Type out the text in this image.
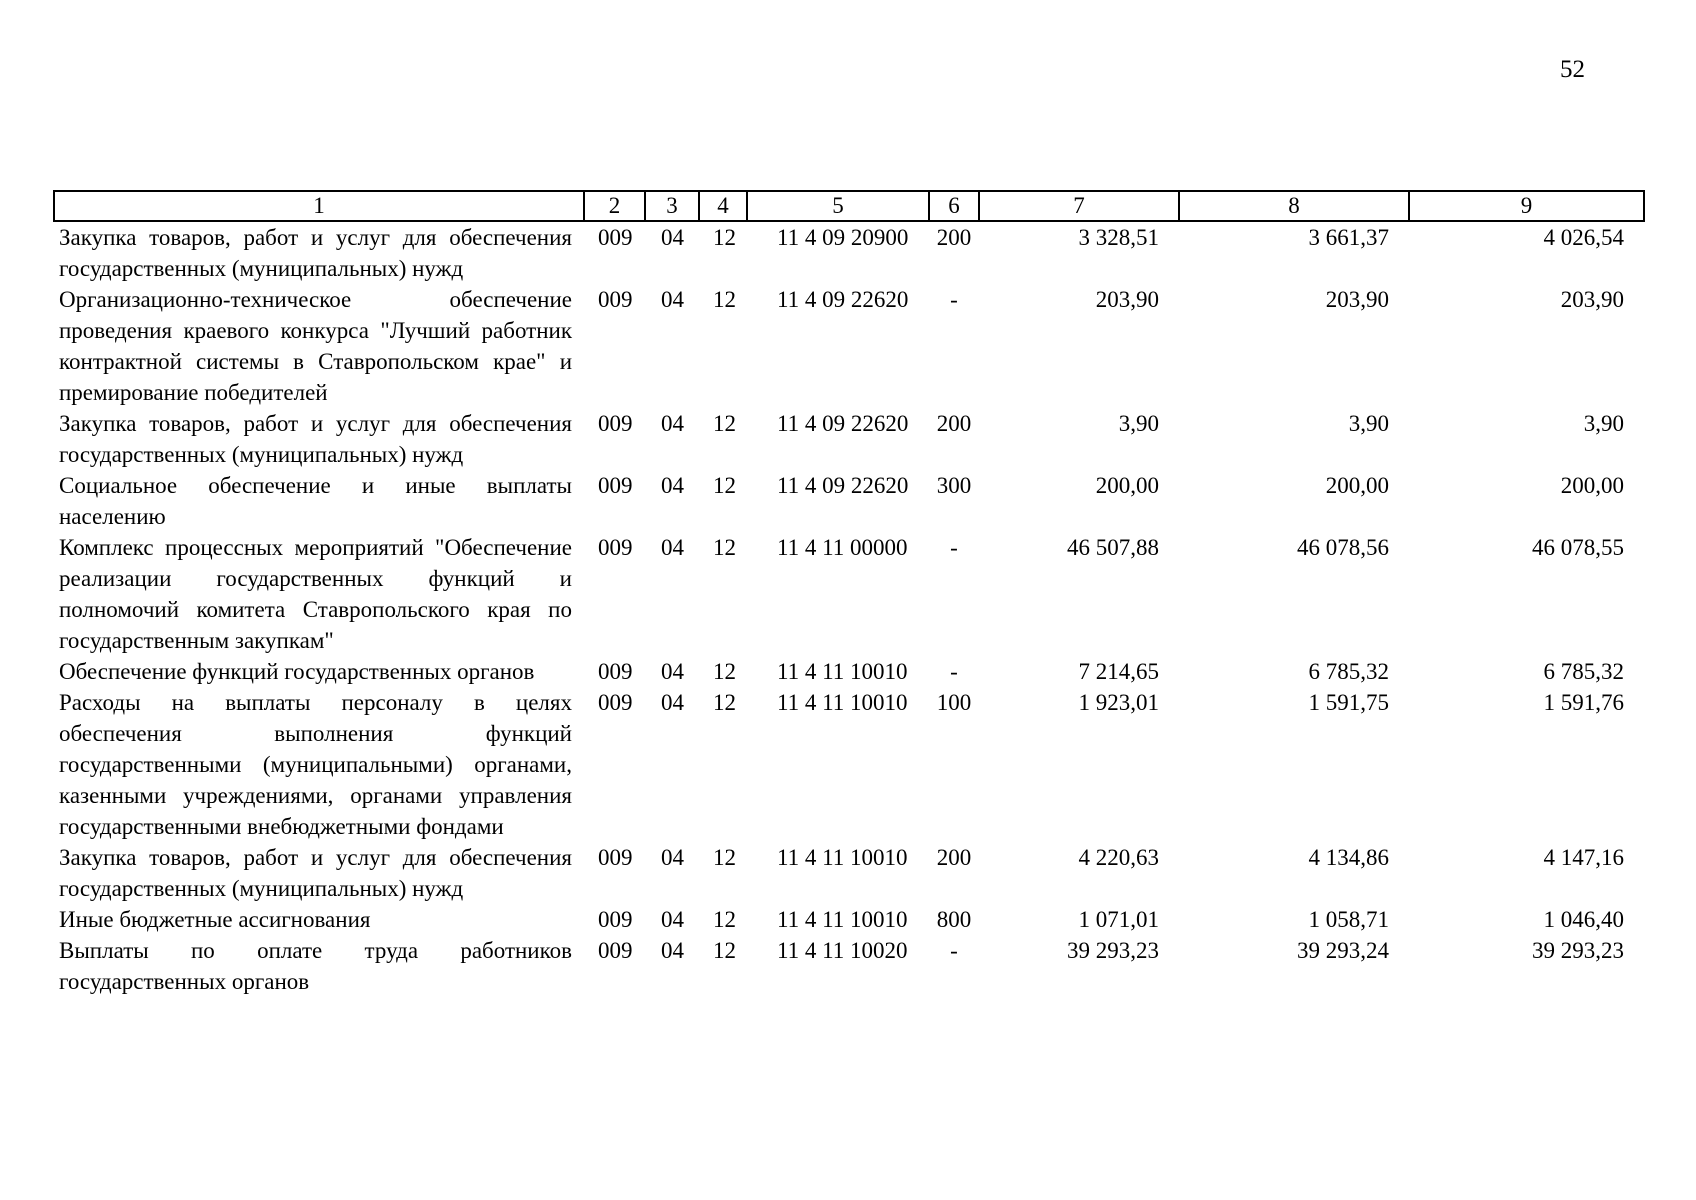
52
1	2	3	4	5	6	7	8	9
Закупка товаров, работ и услуг для обеспечения государственных (муниципальных) нужд	009	04	12	11 4 09 20900	200	3 328,51	3 661,37	4 026,54
Организационно-техническое обеспечение проведения краевого конкурса "Лучший работник контрактной системы в Ставропольском крае" и премирование победителей	009	04	12	11 4 09 22620	-	203,90	203,90	203,90
Закупка товаров, работ и услуг для обеспечения государственных (муниципальных) нужд	009	04	12	11 4 09 22620	200	3,90	3,90	3,90
Социальное обеспечение и иные выплаты населению	009	04	12	11 4 09 22620	300	200,00	200,00	200,00
Комплекс процессных мероприятий "Обеспечение реализации государственных функций и полномочий комитета Ставропольского края по государственным закупкам"	009	04	12	11 4 11 00000	-	46 507,88	46 078,56	46 078,55
Обеспечение функций государственных органов	009	04	12	11 4 11 10010	-	7 214,65	6 785,32	6 785,32
Расходы на выплаты персоналу в целях обеспечения выполнения функций государственными (муниципальными) органами, казенными учреждениями, органами управления государственными внебюджетными фондами	009	04	12	11 4 11 10010	100	1 923,01	1 591,75	1 591,76
Закупка товаров, работ и услуг для обеспечения государственных (муниципальных) нужд	009	04	12	11 4 11 10010	200	4 220,63	4 134,86	4 147,16
Иные бюджетные ассигнования	009	04	12	11 4 11 10010	800	1 071,01	1 058,71	1 046,40
Выплаты по оплате труда работников государственных органов	009	04	12	11 4 11 10020	-	39 293,23	39 293,24	39 293,23
